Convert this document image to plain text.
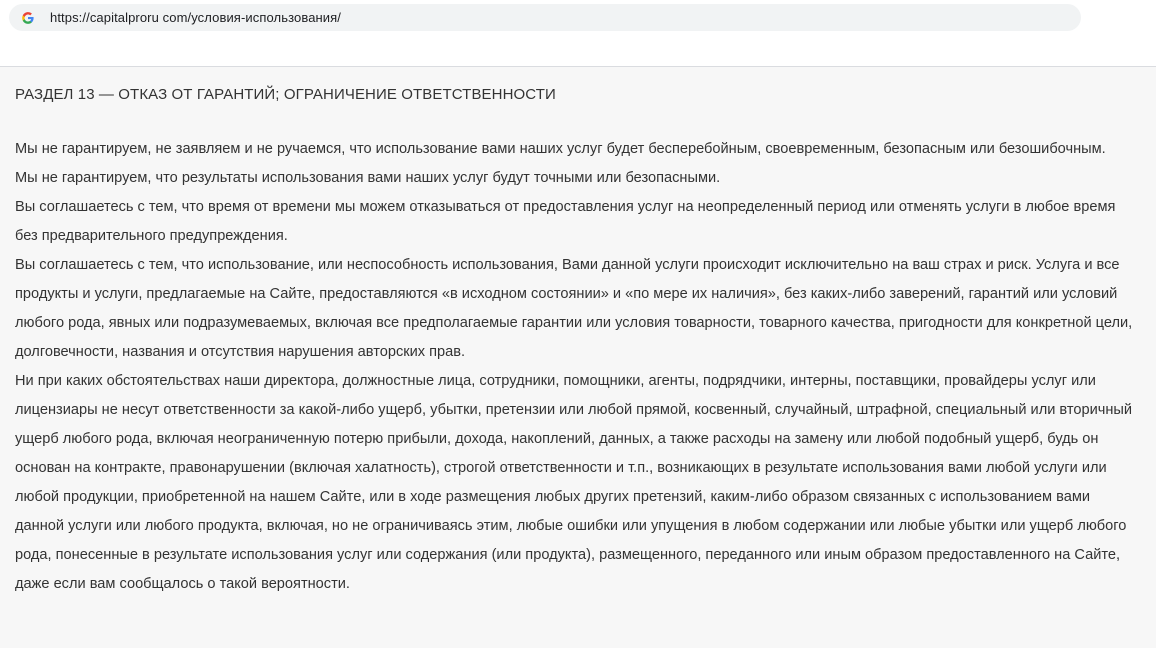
https://capitalproru com/условия-использования/
РАЗДЕЛ 13 — ОТКАЗ ОТ ГАРАНТИЙ; ОГРАНИЧЕНИЕ ОТВЕТСТВЕННОСТИ

Мы не гарантируем, не заявляем и не ручаемся, что использование вами наших услуг будет бесперебойным, своевременным, безопасным или безошибочным.

Мы не гарантируем, что результаты использования вами наших услуг будут точными или безопасными.

Вы соглашаетесь с тем, что время от времени мы можем отказываться от предоставления услуг на неопределенный период или отменять услуги в любое время без предварительного предупреждения.

Вы соглашаетесь с тем, что использование, или неспособность использования, Вами данной услуги происходит исключительно на ваш страх и риск. Услуга и все продукты и услуги, предлагаемые на Сайте, предоставляются «в исходном состоянии» и «по мере их наличия», без каких-либо заверений, гарантий или условий любого рода, явных или подразумеваемых, включая все предполагаемые гарантии или условия товарности, товарного качества, пригодности для конкретной цели, долговечности, названия и отсутствия нарушения авторских прав.

Ни при каких обстоятельствах наши директора, должностные лица, сотрудники, помощники, агенты, подрядчики, интерны, поставщики, провайдеры услуг или лицензиары не несут ответственности за какой-либо ущерб, убытки, претензии или любой прямой, косвенный, случайный, штрафной, специальный или вторичный ущерб любого рода, включая неограниченную потерю прибыли, дохода, накоплений, данных, а также расходы на замену или любой подобный ущерб, будь он основан на контракте, правонарушении (включая халатность), строгой ответственности и т.п., возникающих в результате использования вами любой услуги или любой продукции, приобретенной на нашем Сайте, или в ходе размещения любых других претензий, каким-либо образом связанных с использованием вами данной услуги или любого продукта, включая, но не ограничиваясь этим, любые ошибки или упущения в любом содержании или любые убытки или ущерб любого рода, понесенные в результате использования услуг или содержания (или продукта), размещенного, переданного или иным образом предоставленного на Сайте, даже если вам сообщалось о такой вероятности.
